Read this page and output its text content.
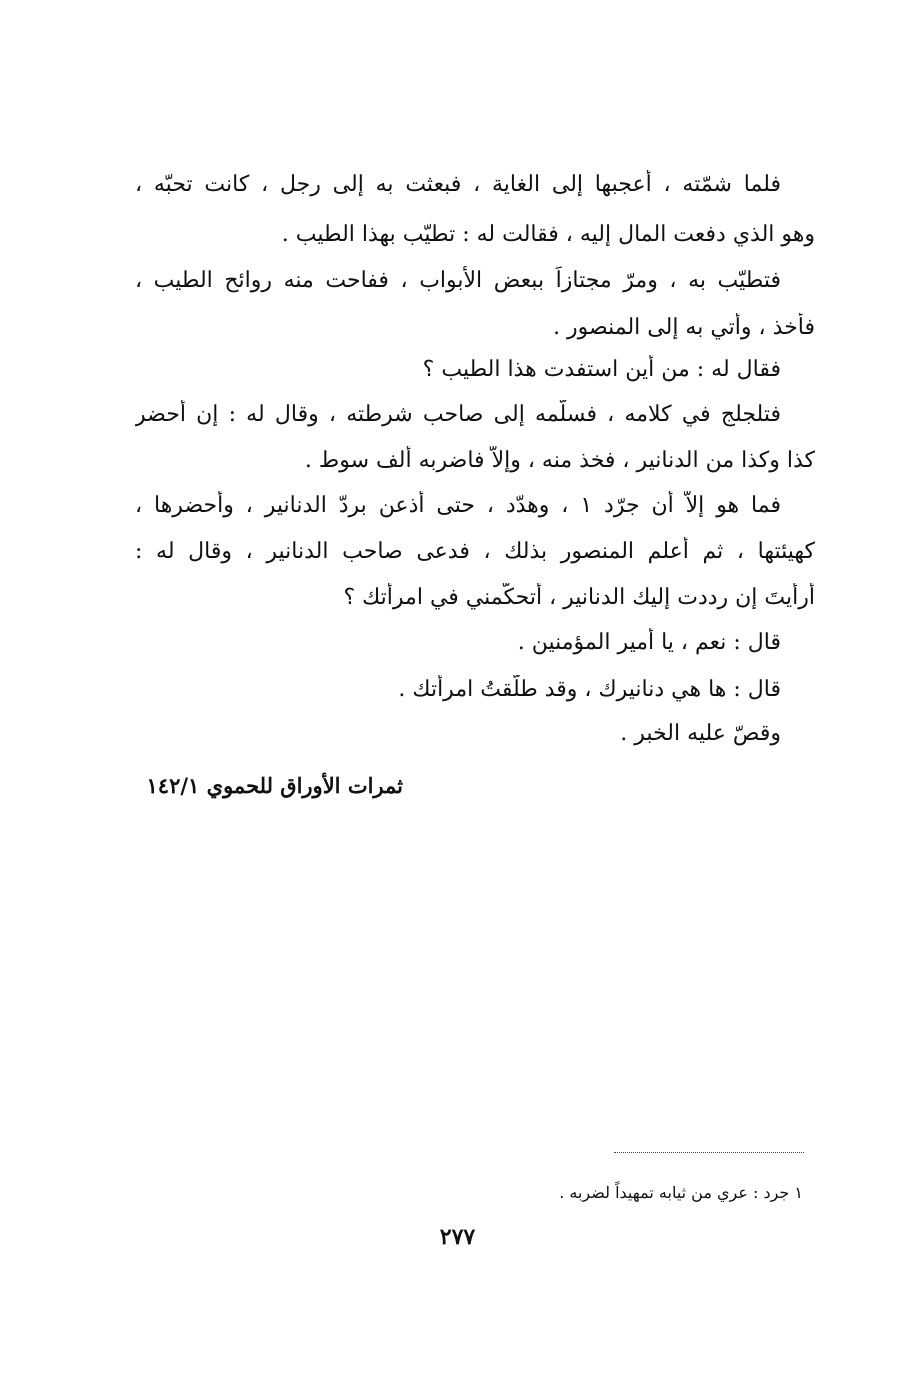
فلما شمّته ، أعجبها إلى الغاية ، فبعثت به إلى رجل ، كانت تحبّه ،
وهو الذي دفعت المال إليه ، فقالت له : تطيّب بهذا الطيب .
فتطيّب به ، ومرّ مجتازاً ببعض الأبواب ، ففاحت منه روائح الطيب ،
فأُخذ ، وأُتي به إلى المنصور .
فقال له : من أين استفدت هذا الطيب ؟
فتلجلج في كلامه ، فسلّمه إلى صاحب شرطته ، وقال له : إن أحضر
كذا وكذا من الدنانير ، فخذ منه ، وإلاّ فاضربه ألف سوط .
فما هو إلاّ أن جرّد ١ ، وهدّد ، حتى أذعن بردّ الدنانير ، وأحضرها ،
كهيئتها ، ثم أعلم المنصور بذلك ، فدعى صاحب الدنانير ، وقال له :
أرأيتَ إن رددت إليك الدنانير ، أتحكّمني في امرأتك ؟
قال : نعم ، يا أمير المؤمنين .
قال : ها هي دنانيرك ، وقد طلّقتُ امرأتك .
وقصّ عليه الخبر .
ثمرات الأوراق للحموي ١٤٢/١
١ جرد : عري من ثيابه تمهيداً لضربه .
٢٧٧
